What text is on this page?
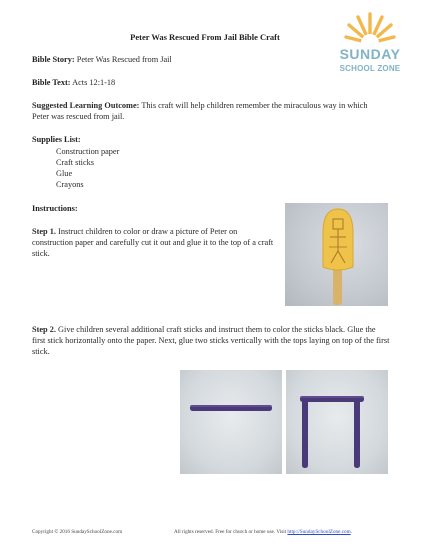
Peter Was Rescued From Jail Bible Craft
SUNDAY
SCHOOL ZONE
Bible Story: Peter Was Rescued from Jail
Bible Text: Acts 12:1-18
Suggested Learning Outcome: This craft will help children remember the miraculous way in which Peter was rescued from jail.
Supplies List:
Construction paper
Craft sticks
Glue
Crayons
Instructions:
Step 1. Instruct children to color or draw a picture of Peter on construction paper and carefully cut it out and glue it to the top of a craft stick.
Step 2. Give children several additional craft sticks and instruct them to color the sticks black. Glue the first stick horizontally onto the paper. Next, glue two sticks vertically with the tops laying on top of the first stick.
Copyright © 2016 SundaySchoolZone.com	All rights reserved. Free for church or home use. Visit http://SundaySchoolZone.com.
